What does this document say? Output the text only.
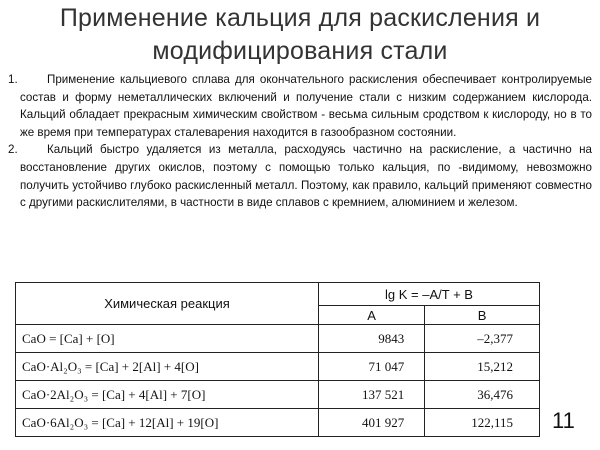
Применение кальция для раскисления и
модифицирования стали
1.	Применение кальциевого сплава для окончательного раскисления обеспечивает контролируемые состав и форму неметаллических включений и получение стали с низким содержанием кислорода. Кальций обладает прекрасным химическим свойством - весьма сильным сродством к кислороду, но в то же время при температурах сталеварения находится в газообразном состоянии.
2.	Кальций быстро удаляется из металла, расходуясь частично на раскисление, а частично на восстановление других окислов, поэтому с помощью только кальция, по -видимому, невозможно получить устойчиво глубоко раскисленный металл. Поэтому, как правило, кальций применяют совместно с другими раскислителями, в частности в виде сплавов с кремнием, алюминием и железом.
Химическая реакция	lg K = –A/T + B	
	A	B
CaO = [Ca] + [O]	9843	–2,377
CaO·Al₂O₃ = [Ca] + 2[Al] + 4[O]	71 047	15,212
CaO·2Al₂O₃ = [Ca] + 4[Al] + 7[O]	137 521	36,476
CaO·6Al₂O₃ = [Ca] + 12[Al] + 19[O]	401 927	122,115 11
